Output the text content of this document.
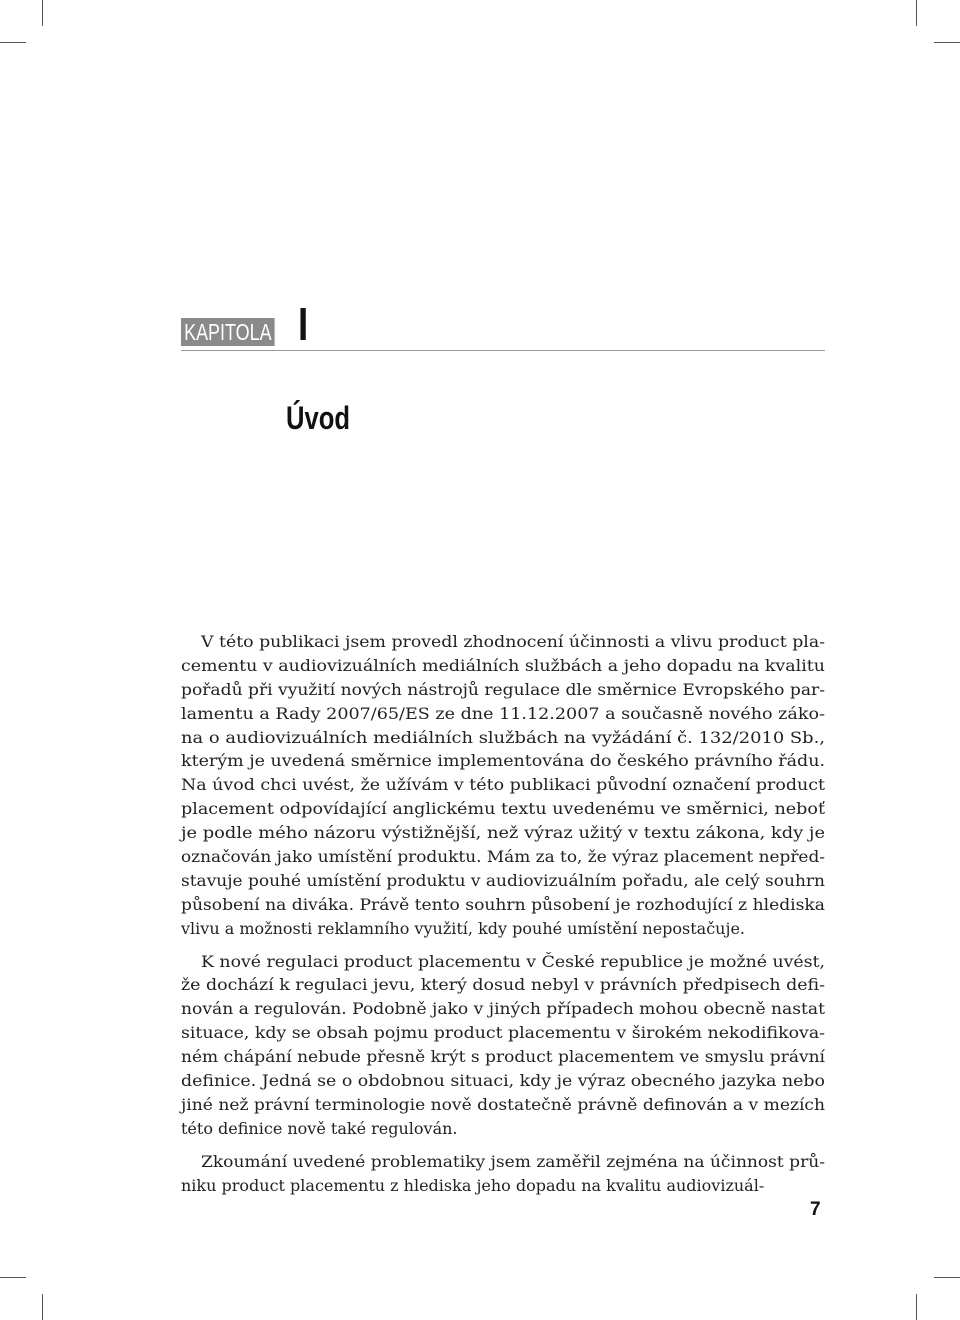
KAPITOLA I
Úvod
V této publikaci jsem provedl zhodnocení účinnosti a vlivu product pla-
cementu v audiovizuálních mediálních službách a jeho dopadu na kvalitu
pořadů při využití nových nástrojů regulace dle směrnice Evropského par-
lamentu a Rady 2007/65/ES ze dne 11.12.2007 a současně nového záko-
na o audiovizuálních mediálních službách na vyžádání č. 132/2010 Sb.,
kterým je uvedená směrnice implementována do českého právního řádu.
Na úvod chci uvést, že užívám v této publikaci původní označení product
placement odpovídající anglickému textu uvedenému ve směrnici, neboť
je podle mého názoru výstižnější, než výraz užitý v textu zákona, kdy je
označován jako umístění produktu. Mám za to, že výraz placement nepřed-
stavuje pouhé umístění produktu v audiovizuálním pořadu, ale celý souhrn
působení na diváka. Právě tento souhrn působení je rozhodující z hlediska
vlivu a možnosti reklamního využití, kdy pouhé umístění nepostačuje.
K nové regulaci product placementu v České republice je možné uvést,
že dochází k regulaci jevu, který dosud nebyl v právních předpisech defi-
nován a regulován. Podobně jako v jiných případech mohou obecně nastat
situace, kdy se obsah pojmu product placementu v širokém nekodifikova-
ném chápání nebude přesně krýt s product placementem ve smyslu právní
definice. Jedná se o obdobnou situaci, kdy je výraz obecného jazyka nebo
jiné než právní terminologie nově dostatečně právně definován a v mezích
této definice nově také regulován.
Zkoumání uvedené problematiky jsem zaměřil zejména na účinnost prů-
niku product placementu z hlediska jeho dopadu na kvalitu audiovizuál-
7
